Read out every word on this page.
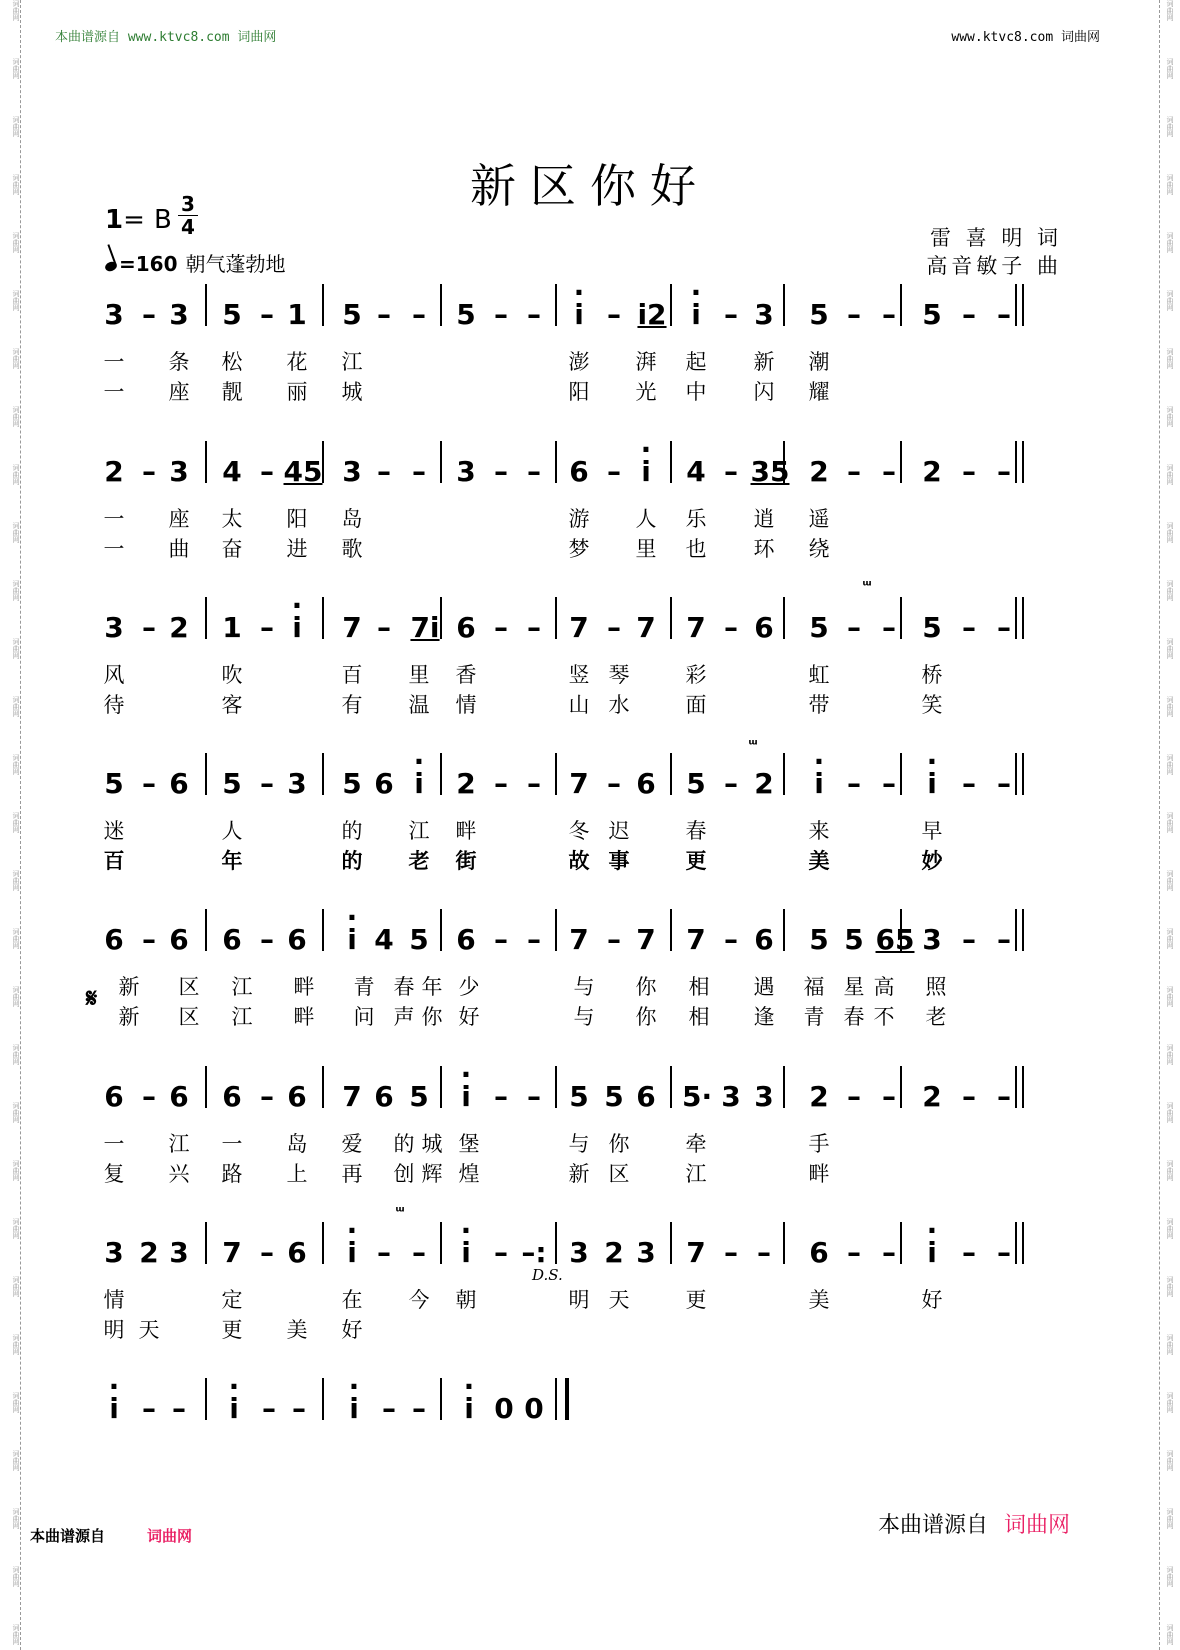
本曲谱源自 www.ktvc8.com 词曲网	www.ktvc8.com 词曲网
新区你好
1= B
3
4
=160 朝气蓬勃地
雷 喜 明 词
高音敏子 曲
3 – 3 5 – 1 5 – – 5 – –	· i – i2 · i – 3 5 – – 5 – –
一 条 松 花 江	澎 湃 起 新 潮
一 座 靓 丽 城	阳 光 中 闪 耀
2 – 3 4 – 45 3 – – 3 – – 6 – · i	4 – 35 2 – – 2 – –
一 座 太 阳 岛	游 人 乐 逍 遥
一 曲 奋 进 歌	梦 里 也 环 绕
3 – 2 1 – · i	7 – 7i 6 – – 7 – 7 7 – 6 5 – – 5 – –
风	吹	百 里 香	竖 琴	彩	虹	桥
待	客	有 温 情	山 水	面	带	笑
5 – 6 5 – 3 5 6 · i	2 – – 7 – 6 5 – 2	· i – –	· i – –
迷	人	的 江 畔	冬 迟	春	来	早
百	年	的 老 街	故 事	更	美	妙
6 – 6 6 – 6	· i 4 5 6 – – 7 – 7 7 – 6 5 5 65 3 – –
新 区 江 畔 青 春 年 少	与 你 相 遇 福 星 高 照
新 区 江 畔 问 声 你 好	与 你 相 逢 青 春 不 老
6 – 6 6 – 6 7 6 5	· i – – 5 5 6 5· 3 3 2 – – 2 – –
一 江 一 岛 爱 的 城 堡	与 你	牵	手
复 兴 路 上 再 创 辉 煌	新 区	江	畔
3 2 3 7 – 6	· i – –	· i – –: 3 2 3 7 – – 6 – –	· i – –
情	定	在 今 朝	明 天	更	美	好
明 天	更 美 好
· i – –	· i – –	· i – –	· i 0 0
本曲谱源自	词曲网	本曲谱源自 词曲网
𝄋
D.S.
ᵚ
ᵚ
ᵚ
词曲网
词曲网
词曲网
词曲网
词曲网
词曲网
词曲网
词曲网
词曲网
词曲网
词曲网
词曲网
词曲网
词曲网
词曲网
词曲网
词曲网
词曲网
词曲网
词曲网
词曲网
词曲网
词曲网
词曲网
词曲网
词曲网
词曲网
词曲网
词曲网
词曲网
词曲网
词曲网
词曲网
词曲网
词曲网
词曲网
词曲网
词曲网
词曲网
词曲网
词曲网
词曲网
词曲网
词曲网
词曲网
词曲网
词曲网
词曲网
词曲网
词曲网
词曲网
词曲网
词曲网
词曲网
词曲网
词曲网
词曲网
词曲网
